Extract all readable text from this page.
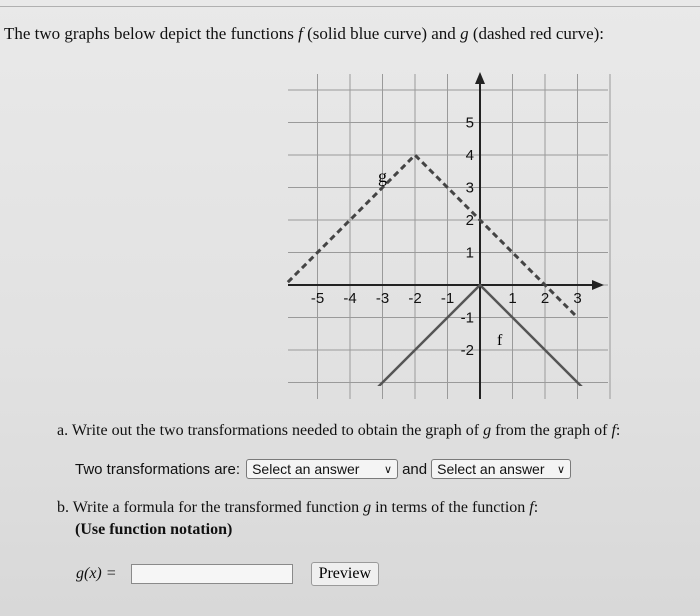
The two graphs below depict the functions f (solid blue curve) and g (dashed red curve):
-5 -4 -3 -2 -1	1 2 3
5
4
3
2
1
-1
-2
f
g
a. Write out the two transformations needed to obtain the graph of g from the graph of f:
Two transformations are: Select an answer ∨ and Select an answer ∨
b. Write a formula for the transformed function g in terms of the function f:
(Use function notation)
g(x) =	Preview
